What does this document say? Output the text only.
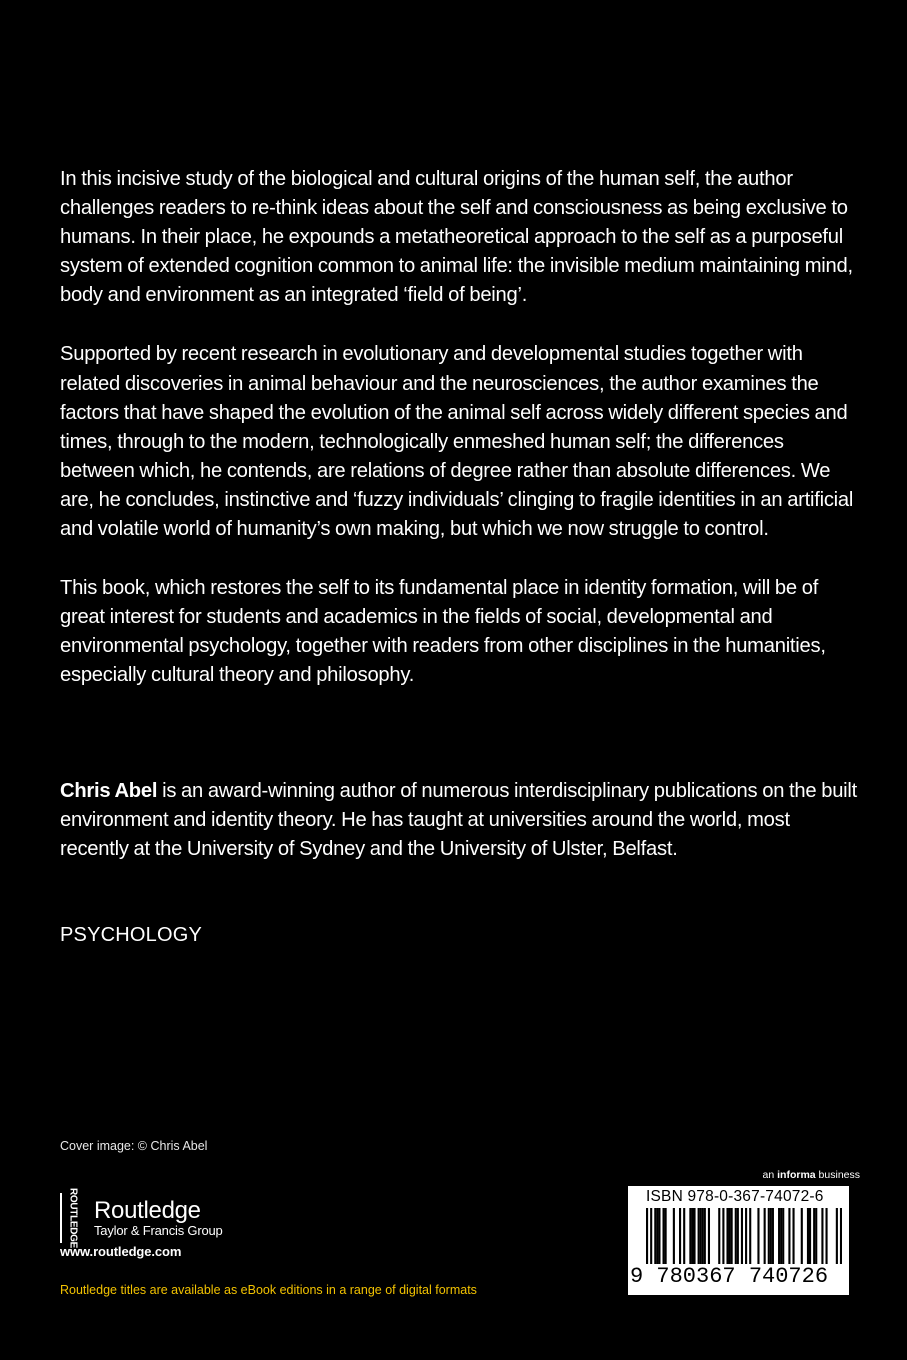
In this incisive study of the biological and cultural origins of the human self, the author challenges readers to re-think ideas about the self and consciousness as being exclusive to humans. In their place, he expounds a metatheoretical approach to the self as a purposeful system of extended cognition common to animal life: the invisible medium maintaining mind, body and environment as an integrated ‘field of being’.

Supported by recent research in evolutionary and developmental studies together with related discoveries in animal behaviour and the neurosciences, the author examines the factors that have shaped the evolution of the animal self across widely different species and times, through to the modern, technologically enmeshed human self; the differences between which, he contends, are relations of degree rather than absolute differences. We are, he concludes, instinctive and ‘fuzzy individuals’ clinging to fragile identities in an artificial and volatile world of humanity’s own making, but which we now struggle to control.

This book, which restores the self to its fundamental place in identity formation, will be of great interest for students and academics in the fields of social, developmental and environmental psychology, together with readers from other disciplines in the humanities, especially cultural theory and philosophy.

Chris Abel is an award-winning author of numerous interdisciplinary publications on the built environment and identity theory. He has taught at universities around the world, most recently at the University of Sydney and the University of Ulster, Belfast.

PSYCHOLOGY
Cover image: © Chris Abel
ROUTLEDGE Routledge
Taylor & Francis Group
www.routledge.com
Routledge titles are available as eBook editions in a range of digital formats
an informa business
ISBN 978-0-367-74072-6
9 780367 740726
